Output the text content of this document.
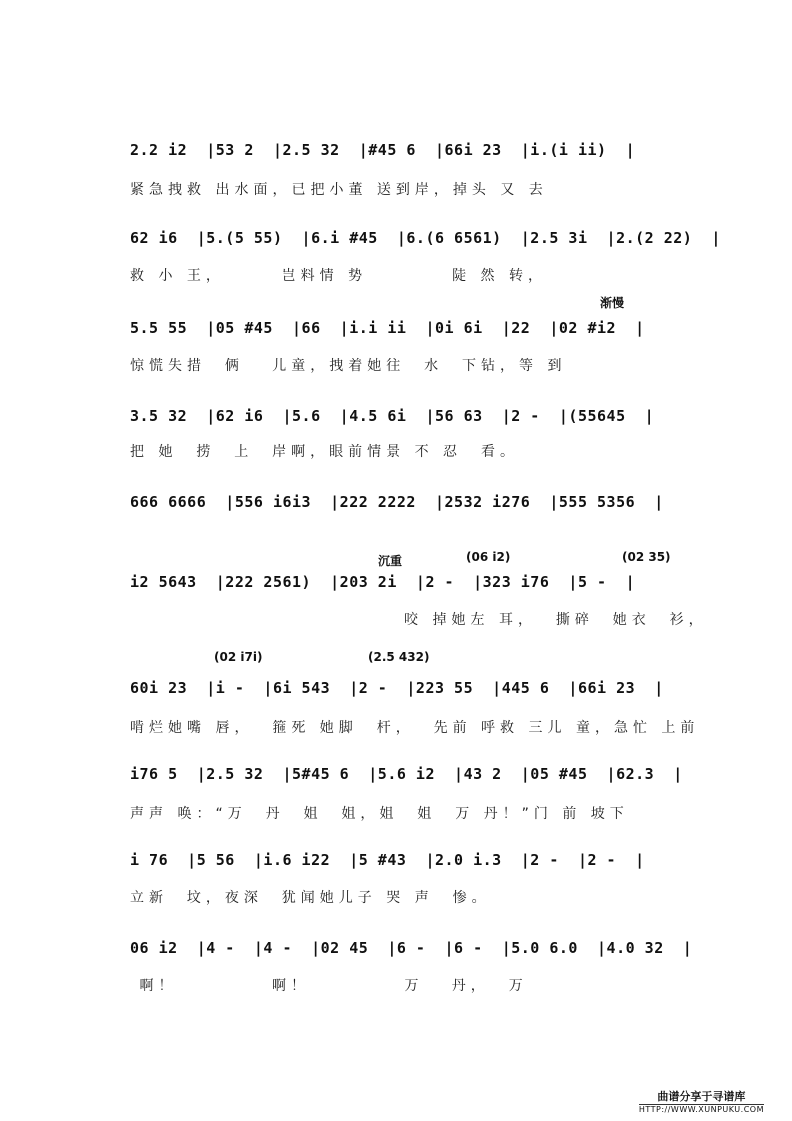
2.2 i2  |53 2  |2.5 32  |#45 6  |66i 23  |i.(i ii)  |
紧急拽救 出水面，已把小董 送到岸，掉头 又 去
62 i6  |5.(5 55)  |6.i #45  |6.(6 6561)  |2.5 3i  |2.(2 22)  |
救 小 王，      岂料情 势         陡 然 转，
渐慢
5.5 55  |05 #45  |66  |i.i ii  |0i 6i  |22  |02 #i2  |
惊慌失措  俩   儿童，拽着她往  水  下钻，等 到
3.5 32  |62 i6  |5.6  |4.5 6i  |56 63  |2 -  |(55645  |
把 她  捞  上  岸啊，眼前情景 不 忍  看。
666 6666  |556 i6i3  |222 2222  |2532 i276  |555 5356  |
沉重	(06 i2)	(02 35)
i2 5643  |222 2561)  |203 2i  |2 -  |323 i76  |5 -  |
咬 掉她左 耳，  撕碎  她衣  衫，
(02 i7i)	(2.5 432)
60i 23  |i -  |6i 543  |2 -  |223 55  |445 6  |66i 23  |
啃烂她嘴 唇，  箍死 她脚  杆，  先前 呼救 三儿 童，急忙 上前
i76 5  |2.5 32  |5#45 6  |5.6 i2  |43 2  |05 #45  |62.3  |
声声 唤：“万  丹  姐  姐，姐  姐  万 丹！”门 前 坡下
i 76  |5 56  |i.6 i22  |5 #43  |2.0 i.3  |2 -  |2 -  |
立新  坟，夜深  犹闻她儿子 哭 声  惨。
06 i2  |4 -  |4 -  |02 45  |6 -  |6 -  |5.0 6.0  |4.0 32  |
啊！          啊！          万   丹，  万
曲谱分享于寻谱库
HTTP://WWW.XUNPUKU.COM
